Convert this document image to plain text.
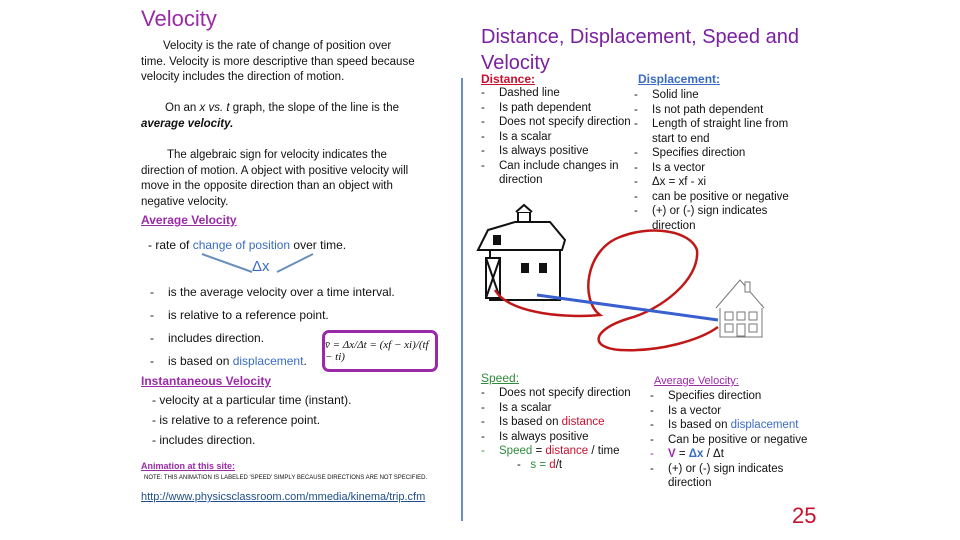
Velocity
Velocity is the rate of change of position over time. Velocity is more descriptive than speed because velocity includes the direction of motion.
On an x vs. t graph, the slope of the line is the average velocity.
The algebraic sign for velocity indicates the direction of motion. A object with positive velocity will move in the opposite direction than an object with negative velocity.
Average Velocity
- rate of change of position over time.
Δx
- is the average velocity over a time interval.
- is relative to a reference point.
- includes direction.
- is based on displacement.
v̄ = Δx/Δt = (xf − xi)/(tf − ti)
Instantaneous Velocity
- velocity at a particular time (instant).
- is relative to a reference point.
- includes direction.
Animation at this site:
NOTE: THIS ANIMATION IS LABELED 'SPEED' SIMPLY BECAUSE DIRECTIONS ARE NOT SPECIFIED.
http://www.physicsclassroom.com/mmedia/kinema/trip.cfm
Distance, Displacement, Speed and Velocity
Distance:
- Dashed line
- Is path dependent
- Does not specify direction
- Is a scalar
- Is always positive
- Can include changes in direction
Displacement:
- Solid line
- Is not path dependent
- Length of straight line from start to end
- Specifies direction
- Is a vector
- Δx = xf - xi
- can be positive or negative
- (+) or (-) sign indicates direction
Speed:
- Does not specify direction
- Is a scalar
- Is based on distance
- Is always positive
- Speed = distance / time
-   s = d/t
Average Velocity:
- Specifies direction
- Is a vector
- Is based on displacement
- Can be positive or negative
- V = Δx / Δt
- (+) or (-) sign indicates direction
25
